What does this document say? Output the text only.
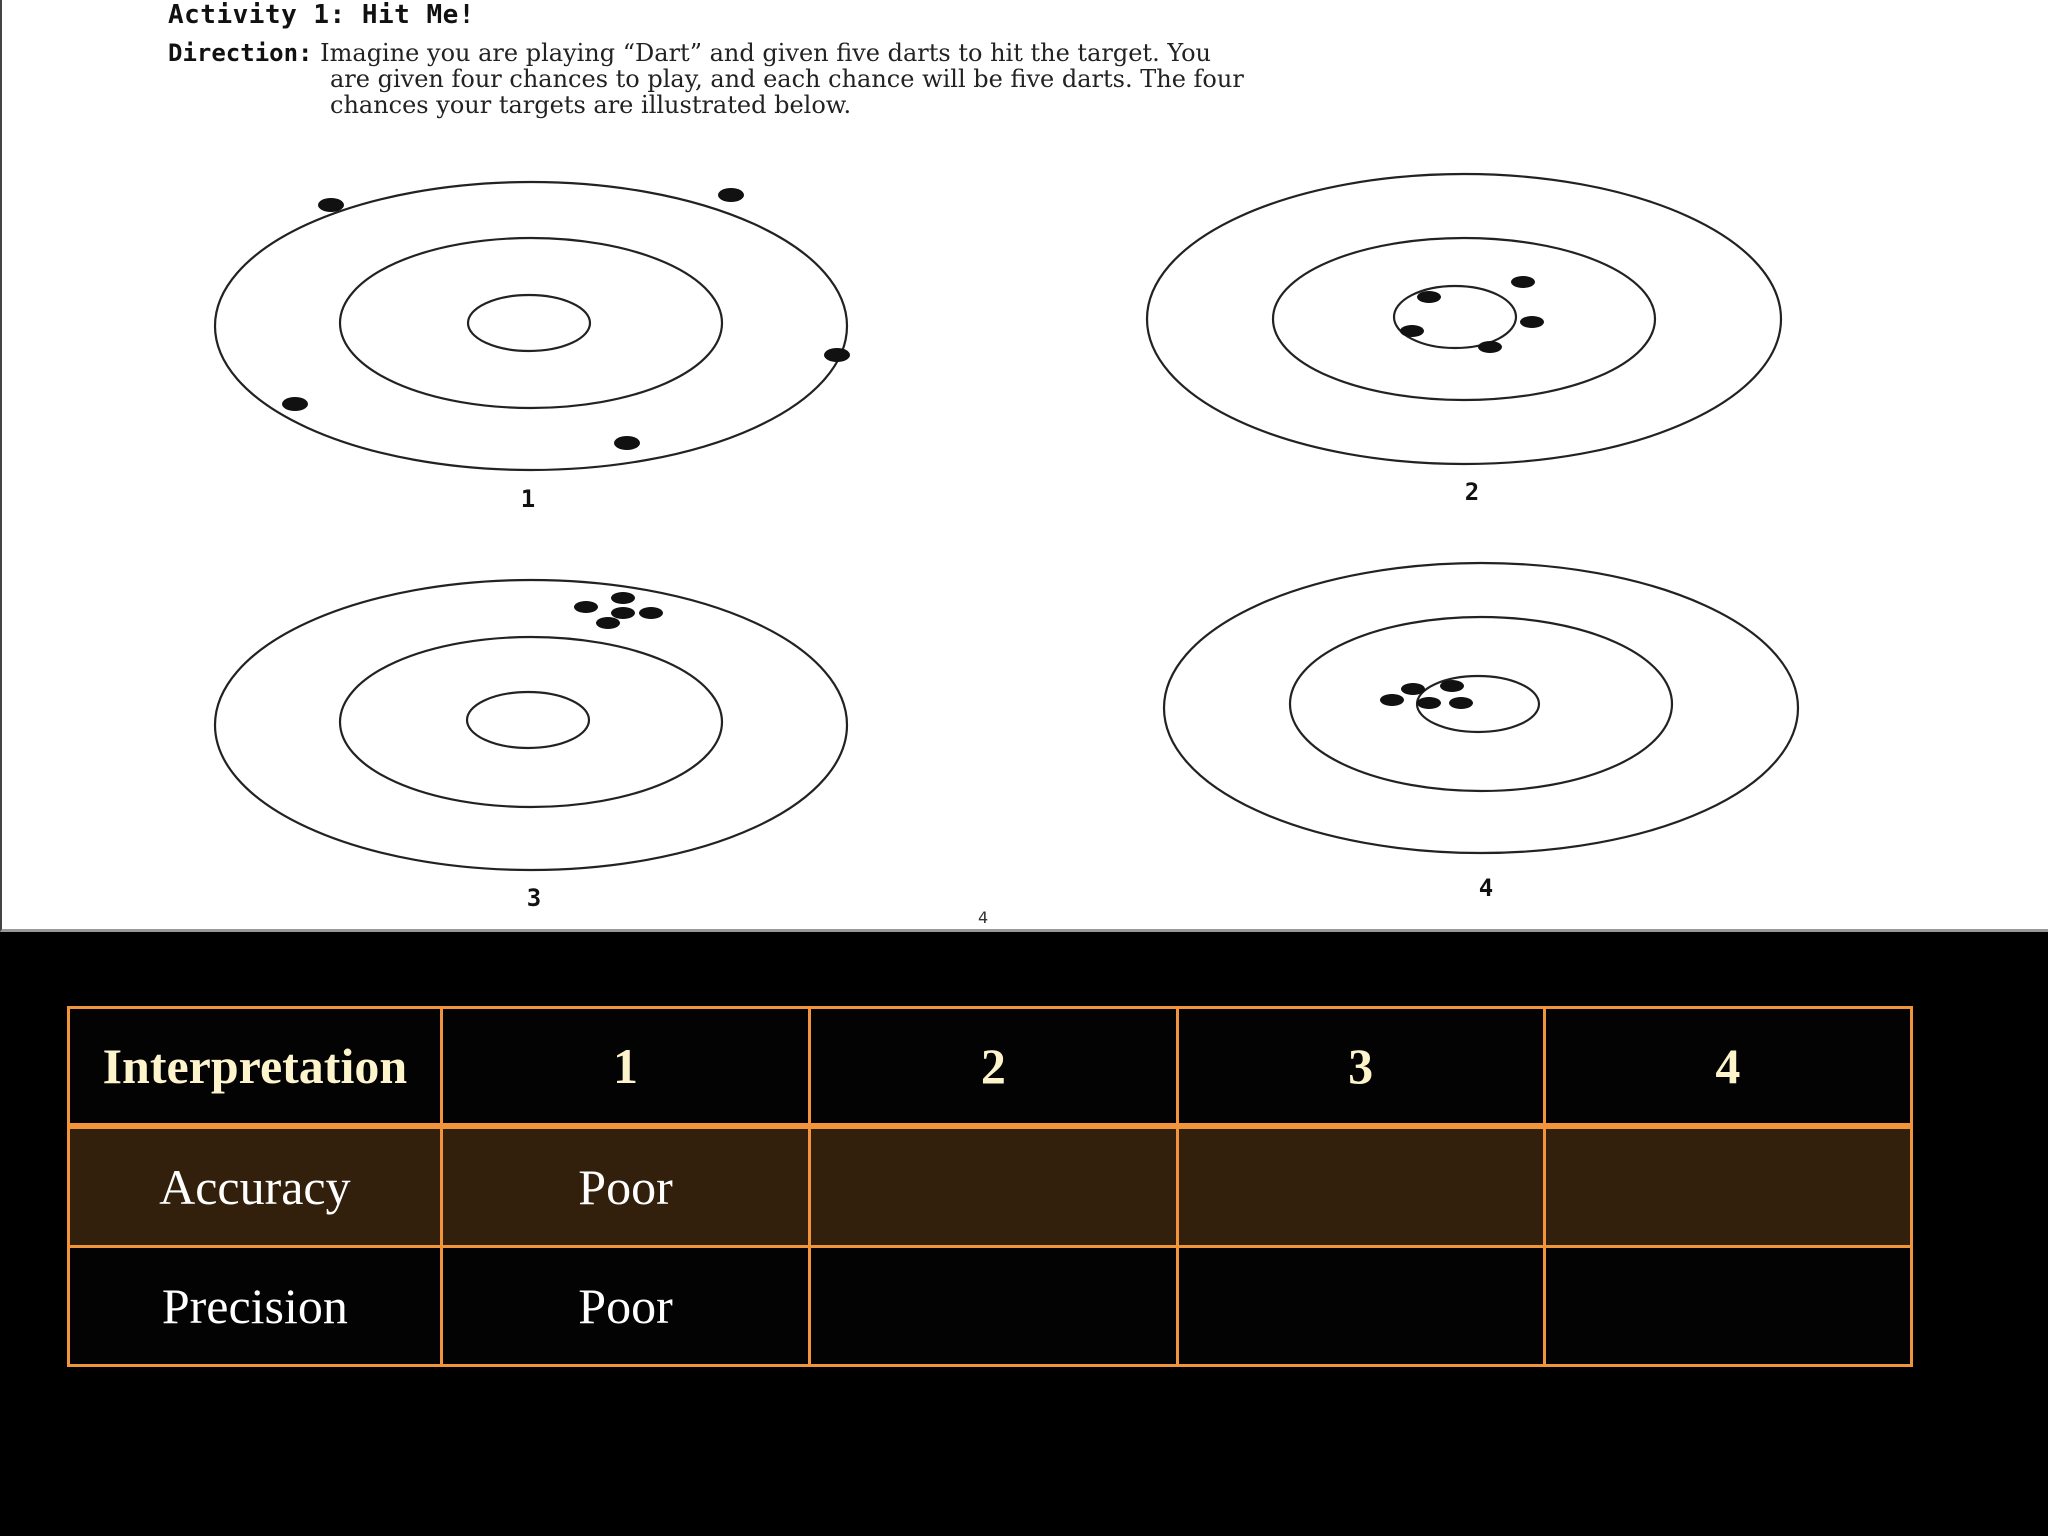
Activity 1: Hit Me!
Direction: Imagine you are playing “Dart” and given five darts to hit the target. You
are given four chances to play, and each chance will be five darts. The four
chances your targets are illustrated below.
1	2
3	4
4
Interpretation	1	2	3	4
Accuracy	Poor			
Precision	Poor			
